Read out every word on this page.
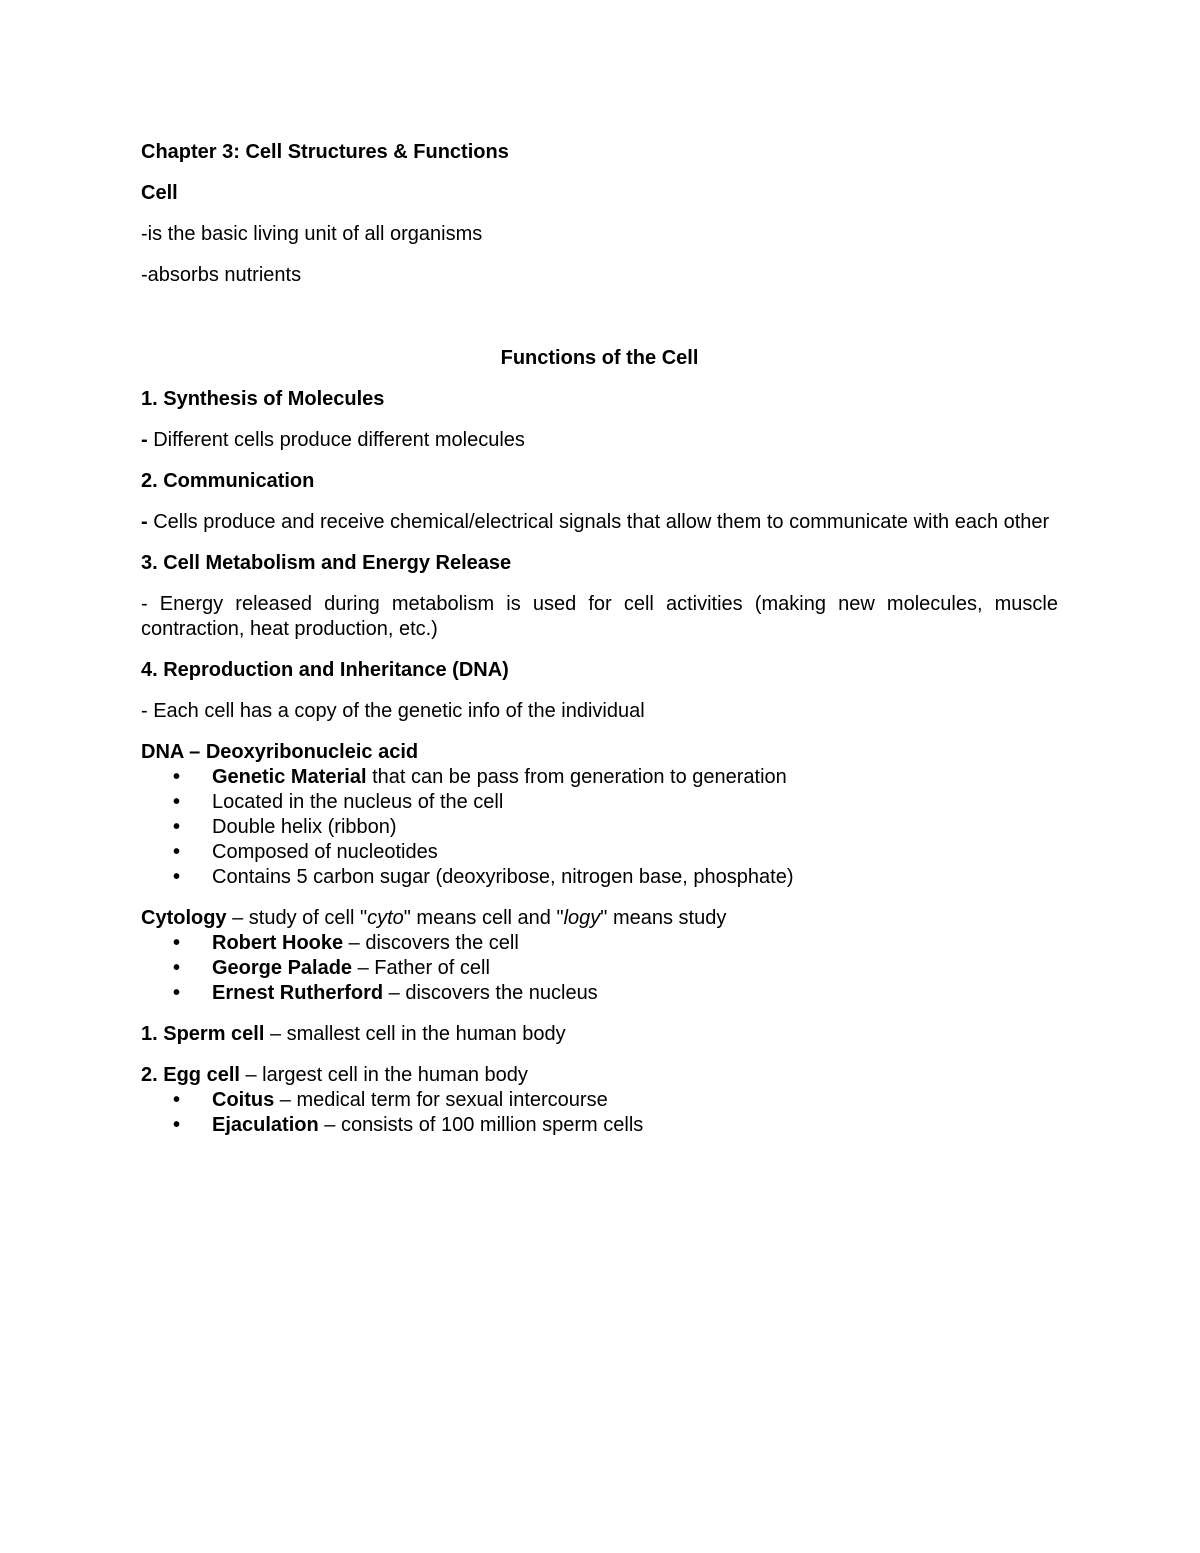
Chapter 3: Cell Structures & Functions

Cell

-is the basic living unit of all organisms

-absorbs nutrients

Functions of the Cell

1. Synthesis of Molecules

- Different cells produce different molecules

2. Communication

- Cells produce and receive chemical/electrical signals that allow them to communicate with each other

3. Cell Metabolism and Energy Release

- Energy released during metabolism is used for cell activities (making new molecules, muscle contraction, heat production, etc.)

4. Reproduction and Inheritance (DNA)

- Each cell has a copy of the genetic info of the individual

DNA – Deoxyribonucleic acid

• Genetic Material that can be pass from generation to generation
• Located in the nucleus of the cell
• Double helix (ribbon)
• Composed of nucleotides
• Contains 5 carbon sugar (deoxyribose, nitrogen base, phosphate)

Cytology – study of cell "cyto" means cell and "logy" means study

• Robert Hooke – discovers the cell
• George Palade – Father of cell
• Ernest Rutherford – discovers the nucleus

1. Sperm cell – smallest cell in the human body

2. Egg cell – largest cell in the human body

• Coitus – medical term for sexual intercourse
• Ejaculation – consists of 100 million sperm cells
